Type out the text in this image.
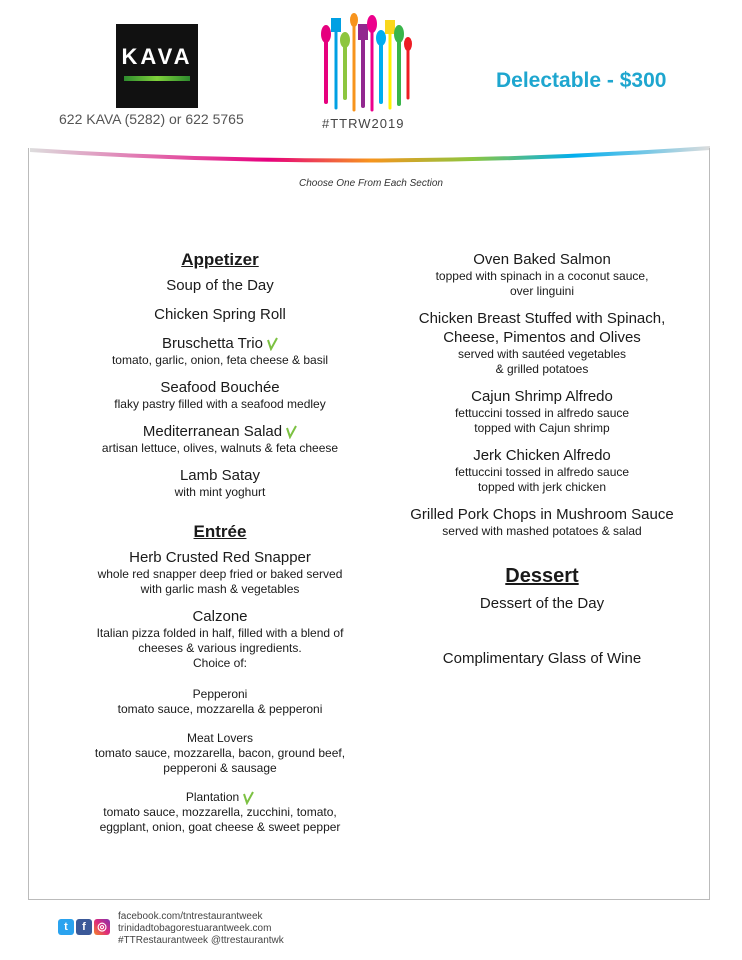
KAVA
622 KAVA (5282) or 622 5765	#TTRW2019
Delectable - $300
Choose One From Each Section
Appetizer
Soup of the Day
Chicken Spring Roll
Bruschetta Trio
tomato, garlic, onion, feta cheese & basil
Seafood Bouchée
flaky pastry filled with a seafood medley
Mediterranean Salad
artisan lettuce, olives, walnuts & feta cheese
Lamb Satay
with mint yoghurt
Entrée
Herb Crusted Red Snapper
whole red snapper deep fried or baked served
with garlic mash & vegetables
Calzone
Italian pizza folded in half, filled with a blend of
cheeses & various ingredients.
Choice of:
Pepperoni
tomato sauce, mozzarella & pepperoni
Meat Lovers
tomato sauce, mozzarella, bacon, ground beef,
pepperoni & sausage
Plantation
tomato sauce, mozzarella, zucchini, tomato,
eggplant, onion, goat cheese & sweet pepper
Oven Baked Salmon
topped with spinach in a coconut sauce,
over linguini
Chicken Breast Stuffed with Spinach,
Cheese, Pimentos and Olives
served with sautéed vegetables
& grilled potatoes
Cajun Shrimp Alfredo
fettuccini tossed in alfredo sauce
topped with Cajun shrimp
Jerk Chicken Alfredo
fettuccini tossed in alfredo sauce
topped with jerk chicken
Grilled Pork Chops in Mushroom Sauce
served with mashed potatoes & salad
Dessert
Dessert of the Day
Complimentary Glass of Wine
t f ◎
facebook.com/tntrestaurantweek
trinidadtobagorestuarantweek.com
#TTRestaurantweek @ttrestaurantwk
